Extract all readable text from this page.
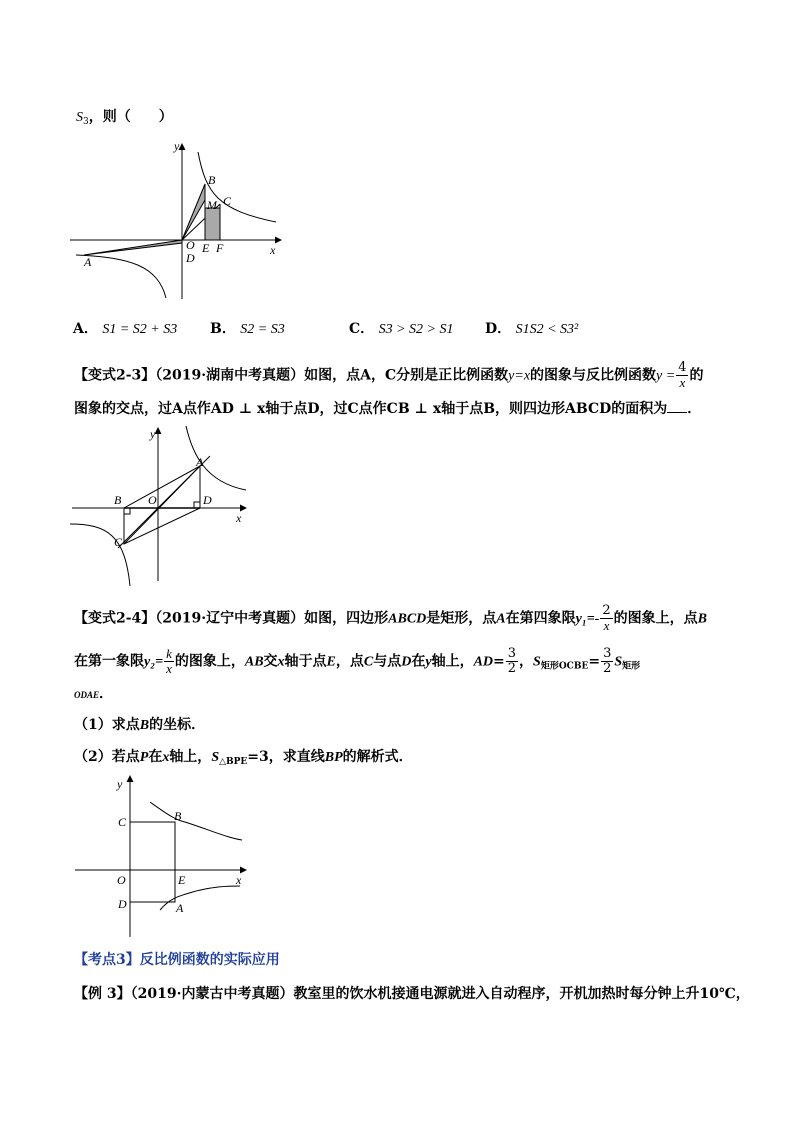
$S_3$，则（　　）
y
x
O
A
B
C
D
E F
M
A． S1 = S2 + S3 B． S2 = S3	C． S3 > S2 > S1 D． S1S2 < S3²
【变式2-3】（2019·湖南中考真题）如图，点A，C分别是正比例函数y=x的图象与反比例函数$y = \frac{4}{x}$ 的
图象的交点，过A点作AD ⊥ x轴于点D，过C点作CB ⊥ x轴于点B，则四边形ABCD的面积为 ．
y
x
O
A
B
C
D
【变式2-4】（2019·辽宁中考真题）如图，四边形ABCD是矩形，点A在第四象限$y_1=- \frac{2}{x}$ 的图象上，点B
在第一象限$y_2= \frac{k}{x}$ 的图象上，AB交x轴于点E，点C与点D在y轴上，$AD= \frac{3}{2}$ ，$S_{矩形OCBE}= \frac{3}{2} S_{矩形}$
ODAE．
（1）求点B的坐标．
（2）若点P在x轴上，$S_{\triangle BPE}=3$，求直线BP的解析式．
y
x
O
A
B
C
D
E
【考点3】反比例函数的实际应用
【例 3】（2019·内蒙古中考真题）教室里的饮水机接通电源就进入自动程序，开机加热时每分钟上升10℃，
